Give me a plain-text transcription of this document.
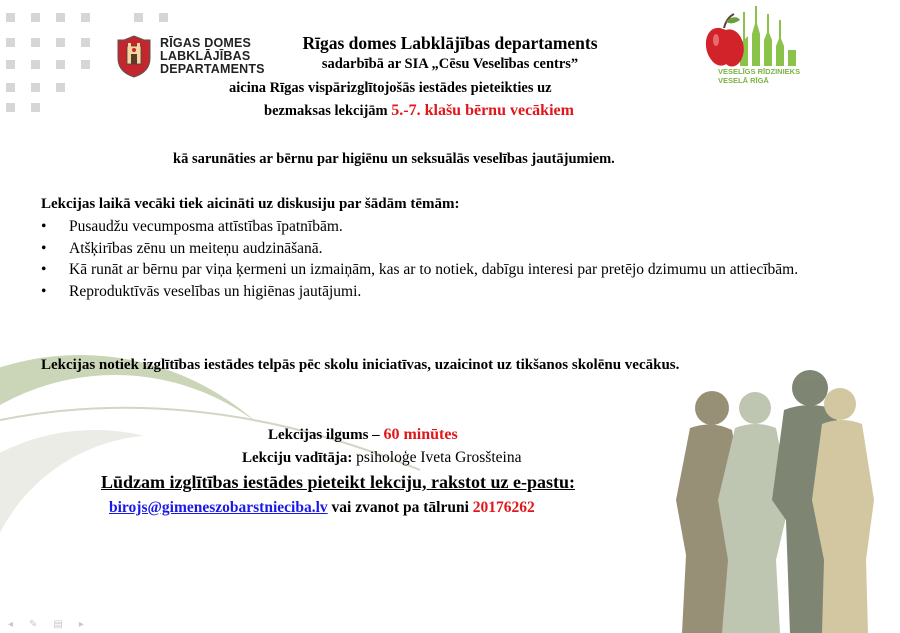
RĪGAS DOMES
LABKLĀJĪBAS
DEPARTAMENTS	VESELĪGS RĪDZINIEKS
VESELĀ RĪGĀ
Rīgas domes Labklājības departaments
sadarbībā ar SIA „Cēsu Veselības centrs”
aicina Rīgas vispārizglītojošās iestādes pieteikties uz
bezmaksas lekcijām 5.-7. klašu bērnu vecākiem
kā sarunāties ar bērnu par higiēnu un seksuālās veselības jautājumiem.
Lekcijas laikā vecāki tiek aicināti uz diskusiju par šādām tēmām:
• Pusaudžu vecumposma attīstības īpatnībām.
• Atšķirības zēnu un meiteņu audzināšanā.
• Kā runāt ar bērnu par viņa ķermeni un izmaiņām, kas ar to notiek, dabīgu interesi par pretējo dzimumu un attiecībām.
• Reproduktīvās veselības un higiēnas jautājumi.
Lekcijas notiek izglītības iestādes telpās pēc skolu iniciatīvas, uzaicinot uz tikšanos skolēnu vecākus.
Lekcijas ilgums – 60 minūtes
Lekciju vadītāja: psiholoģe Iveta Grosšteina
Lūdzam izglītības iestādes pieteikt lekciju, rakstot uz e-pastu:
birojs@gimeneszobarstnieciba.lv vai zvanot pa tālruni 20176262
◂ ✎ ▤ ▸
